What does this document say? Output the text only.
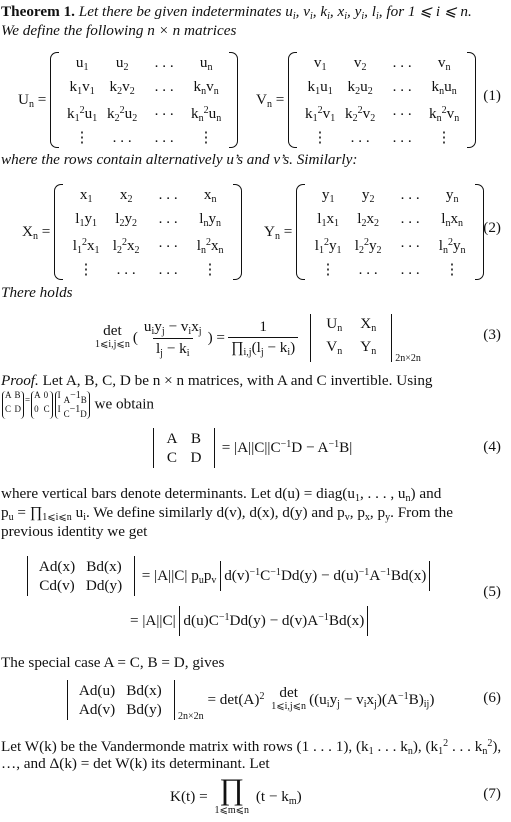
Theorem 1. Let there be given indeterminates $u_i$, $v_i$, $k_i$, $x_i$, $y_i$, $l_i$, for 1 ⩽ i ⩽ n.
We define the following n × n matrices
$U_n$ =
$u_1$	$u_2$	. . .	$u_n$
$k_1v_1$ $k_2v_2$	. . .	$k_nv_n$
$k_1^2u_1$ $k_2^2u_2$	. . .	$k_n^2u_n$
⋮	. . .	. . .	⋮
$V_n$ =
$v_1$	$v_2$	. . .	$v_n$
$k_1u_1$ $k_2u_2$	. . .	$k_nu_n$
$k_1^2v_1$ $k_2^2v_2$	. . .	$k_n^2v_n$
⋮	. . .	. . .	⋮
(1)
where the rows contain alternatively u’s and v’s. Similarly:
$X_n$ =
$x_1$	$x_2$	. . .	$x_n$
$l_1y_1$	$l_2y_2$	. . .	$l_ny_n$
$l_1^2x_1$ $l_2^2x_2$	. . .	$l_n^2x_n$
⋮	. . .	. . .	⋮
$Y_n$ =
$y_1$	$y_2$	. . .	$y_n$
$l_1x_1$	$l_2x_2$	. . .	$l_nx_n$
$l_1^2y_1$ $l_2^2y_2$	. . .	$l_n^2y_n$
⋮	. . .	. . .	⋮
(2)
There holds
det
1⩽i,j⩽n ( $\frac{u_iy_j - v_ix_j}{l_j - k_i}$ ) = $\frac{1}{\prod_{i,j}(l_j - k_i)}$	$U_n$	$X_n$
$V_n$	$Y_n$
2n×2n
(3)
Proof. Let A, B, C, D be n × n matrices, with A and C invertible. Using
A B
C D
= A 0
0 C
I $A^{-1}B$
I $C^{-1}D$
we obtain
A B
C D
= $|A||C||C^{-1}D - A^{-1}B|$	(4)
where vertical bars denote determinants. Let $d(u) = diag(u_1$, . . . , $u_n$) and
$p_u$ = $\prod_{1⩽i⩽n}$ $u_i$. We define similarly d(v), d(x), d(y) and $p_v$, $p_x$, $p_y$. From the
previous identity we get
Ad(x) Bd(x)
Cd(v) Dd(y)
= |A||C| $p_up_v$ $d(v)^{-1}C^{-1}Dd(y) - d(u)^{-1}A^{-1}Bd(x)$
= |A||C| $d(u)C^{-1}Dd(y) - d(v)A^{-1}Bd(x)$
(5)
The special case A = C, B = D, gives
Ad(u) Bd(x)
Ad(v) Bd(y)	2n×2n
= $\det(A)^2$ det
1⩽i,j⩽n $((u_iy_j - v_ix_j)(A^{-1}B)_{ij})$	(6)
Let W(k) be the Vandermonde matrix with rows (1 . . . 1), ($k_1$ . . . $k_n$), ($k_1^2$ . . . $k_n^2$),
…, and Δ(k) = det W(k) its determinant. Let
K(t) = ∏
1⩽m⩽n
$(t - k_m)$	(7)
